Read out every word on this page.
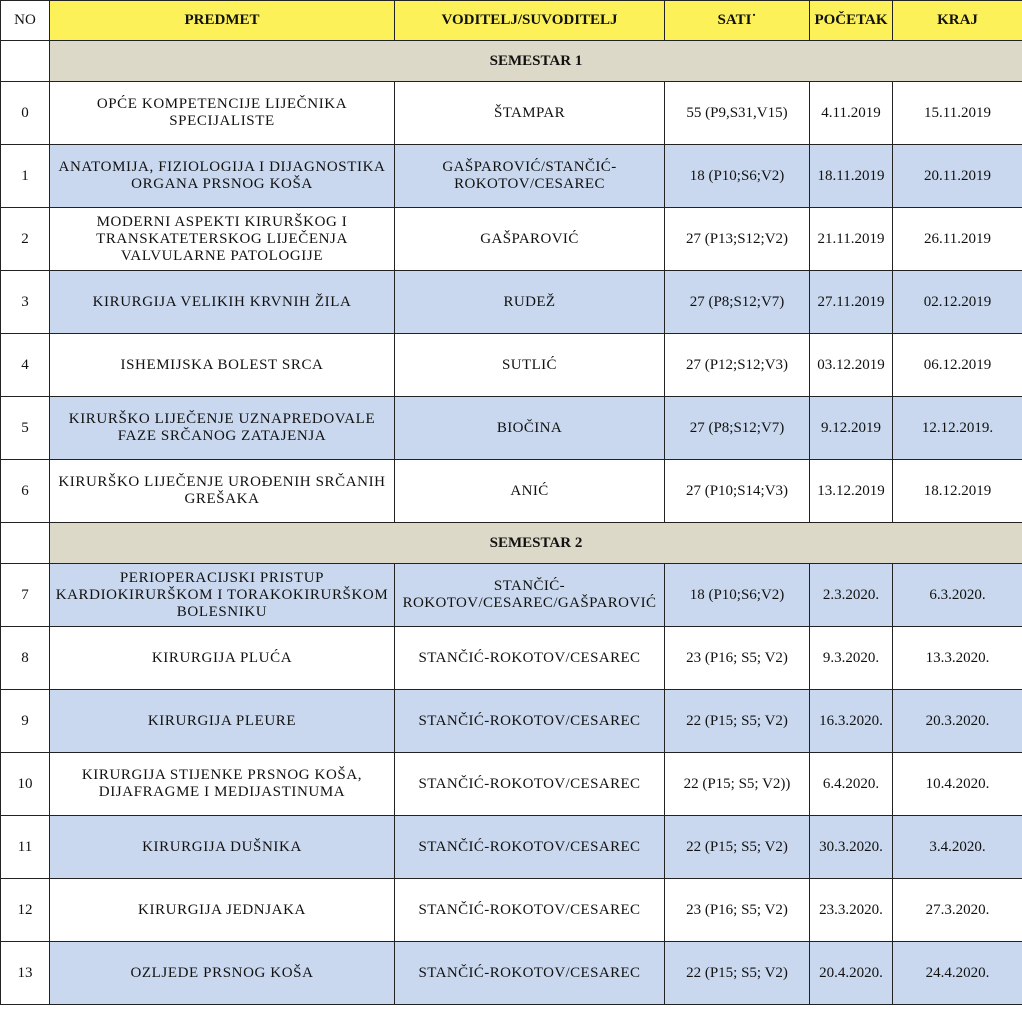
NO	PREDMET	VODITELJ/SUVODITELJ	SATI˙	POČETAK	KRAJ
	SEMESTAR 1				
0	OPĆE KOMPETENCIJE LIJEČNIKA SPECIJALISTE	ŠTAMPAR	55 (P9,S31,V15)	4.11.2019	15.11.2019
1	ANATOMIJA, FIZIOLOGIJA I DIJAGNOSTIKA ORGANA PRSNOG KOŠA	GAŠPAROVIĆ/STANČIĆ-ROKOTOV/CESAREC	18 (P10;S6;V2)	18.11.2019	20.11.2019
2	MODERNI ASPEKTI KIRURŠKOG I TRANSKATETERSKOG LIJEČENJA VALVULARNE PATOLOGIJE	GAŠPAROVIĆ	27 (P13;S12;V2)	21.11.2019	26.11.2019
3	KIRURGIJA VELIKIH KRVNIH ŽILA	RUDEŽ	27 (P8;S12;V7)	27.11.2019	02.12.2019
4	ISHEMIJSKA BOLEST SRCA	SUTLIĆ	27 (P12;S12;V3)	03.12.2019	06.12.2019
5	KIRURŠKO LIJEČENJE UZNAPREDOVALE FAZE SRČANOG ZATAJENJA	BIOČINA	27 (P8;S12;V7)	9.12.2019	12.12.2019.
6	KIRURŠKO LIJEČENJE UROĐENIH SRČANIH GREŠAKA	ANIĆ	27 (P10;S14;V3)	13.12.2019	18.12.2019
	SEMESTAR 2				
7	PERIOPERACIJSKI PRISTUP KARDIOKIRURŠKOM I TORAKOKIRURŠKOM BOLESNIKU	STANČIĆ-ROKOTOV/CESAREC/GAŠPAROVIĆ	18 (P10;S6;V2)	2.3.2020.	6.3.2020.
8	KIRURGIJA PLUĆA	STANČIĆ-ROKOTOV/CESAREC	23 (P16; S5; V2)	9.3.2020.	13.3.2020.
9	KIRURGIJA PLEURE	STANČIĆ-ROKOTOV/CESAREC	22 (P15; S5; V2)	16.3.2020.	20.3.2020.
10	KIRURGIJA STIJENKE PRSNOG KOŠA, DIJAFRAGME I MEDIJASTINUMA	STANČIĆ-ROKOTOV/CESAREC	22 (P15; S5; V2))	6.4.2020.	10.4.2020.
11	KIRURGIJA DUŠNIKA	STANČIĆ-ROKOTOV/CESAREC	22 (P15; S5; V2)	30.3.2020.	3.4.2020.
12	KIRURGIJA JEDNJAKA	STANČIĆ-ROKOTOV/CESAREC	23 (P16; S5; V2)	23.3.2020.	27.3.2020.
13	OZLJEDE PRSNOG KOŠA	STANČIĆ-ROKOTOV/CESAREC	22 (P15; S5; V2)	20.4.2020.	24.4.2020.
